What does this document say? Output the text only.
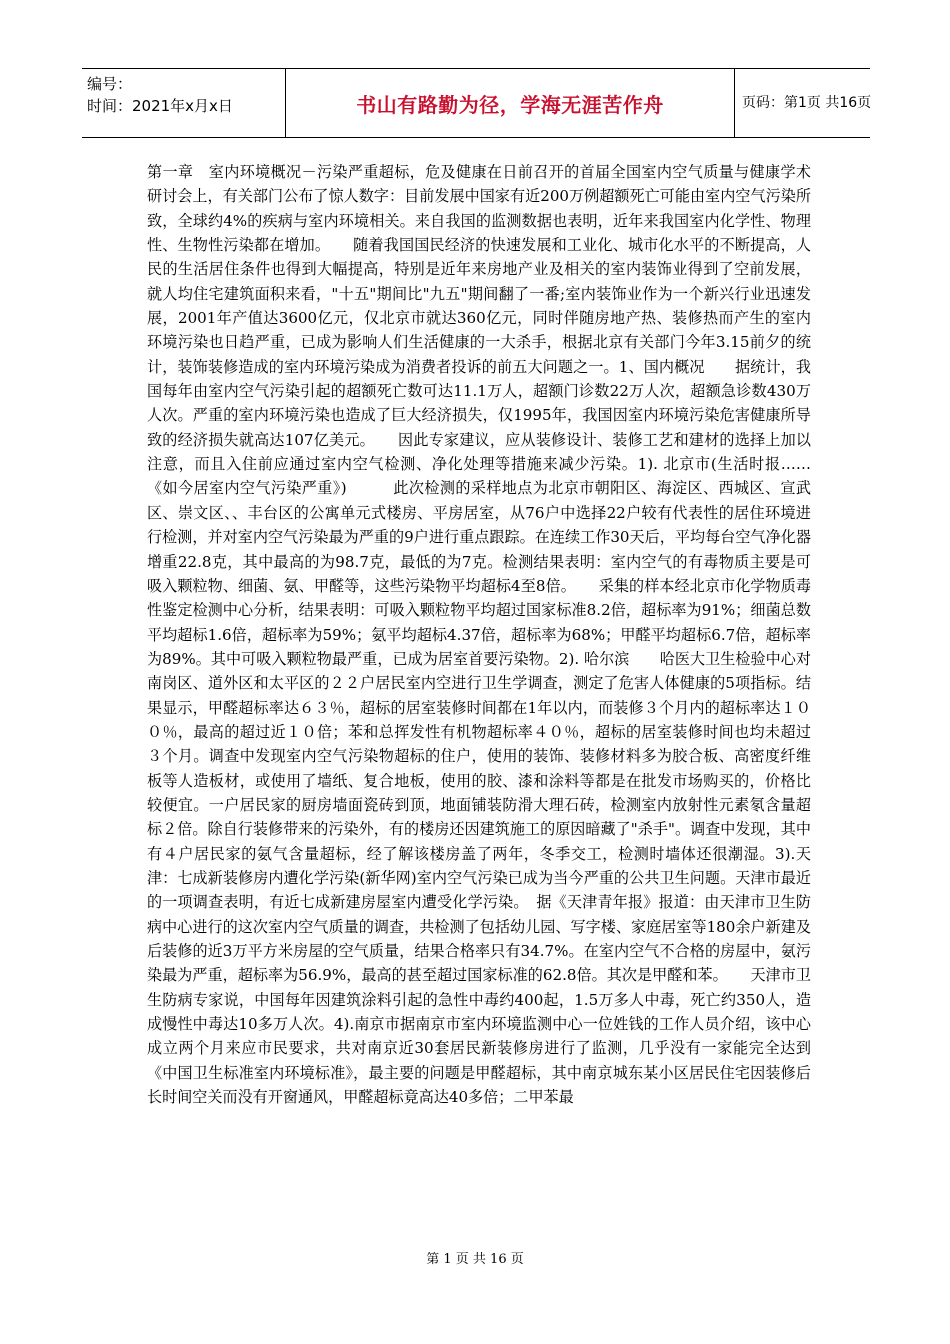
编号：
时间：2021年x月x日	书山有路勤为径，学海无涯苦作舟	页码：第1页 共16页
第一章　室内环境概况－污染严重超标，危及健康在日前召开的首届全国室内空气质量与健康学术研讨会上，有关部门公布了惊人数字：目前发展中国家有近200万例超额死亡可能由室内空气污染所致，全球约4%的疾病与室内环境相关。来自我国的监测数据也表明，近年来我国室内化学性、物理性、生物性污染都在增加。　　随着我国国民经济的快速发展和工业化、城市化水平的不断提高，人民的生活居住条件也得到大幅提高，特别是近年来房地产业及相关的室内装饰业得到了空前发展，就人均住宅建筑面积来看，"十五"期间比"九五"期间翻了一番;室内装饰业作为一个新兴行业迅速发展，2001年产值达3600亿元，仅北京市就达360亿元，同时伴随房地产热、装修热而产生的室内环境污染也日趋严重，已成为影响人们生活健康的一大杀手，根据北京有关部门今年3.15前夕的统计，装饰装修造成的室内环境污染成为消费者投诉的前五大问题之一。1、国内概况　　据统计，我国每年由室内空气污染引起的超额死亡数可达11.1万人，超额门诊数22万人次，超额急诊数430万人次。严重的室内环境污染也造成了巨大经济损失，仅1995年，我国因室内环境污染危害健康所导致的经济损失就高达107亿美元。　　因此专家建议，应从装修设计、装修工艺和建材的选择上加以注意，而且入住前应通过室内空气检测、净化处理等措施来减少污染。1). 北京市(生活时报……《如今居室内空气污染严重》)　　　此次检测的采样地点为北京市朝阳区、海淀区、西城区、宣武区、崇文区、、丰台区的公寓单元式楼房、平房居室，从76户中选择22户较有代表性的居住环境进行检测，并对室内空气污染最为严重的9户进行重点跟踪。在连续工作30天后，平均每台空气净化器增重22.8克，其中最高的为98.7克，最低的为7克。检测结果表明：室内空气的有毒物质主要是可吸入颗粒物、细菌、氨、甲醛等，这些污染物平均超标4至8倍。　　采集的样本经北京市化学物质毒性鉴定检测中心分析，结果表明：可吸入颗粒物平均超过国家标准8.2倍，超标率为91%；细菌总数平均超标1.6倍，超标率为59%；氨平均超标4.37倍，超标率为68%；甲醛平均超标6.7倍，超标率为89%。其中可吸入颗粒物最严重，已成为居室首要污染物。2). 哈尔滨　　哈医大卫生检验中心对南岗区、道外区和太平区的２２户居民室内空进行卫生学调查，测定了危害人体健康的5项指标。结果显示，甲醛超标率达６３％，超标的居室装修时间都在1年以内，而装修３个月内的超标率达１００％，最高的超过近１０倍；苯和总挥发性有机物超标率４０％，超标的居室装修时间也均未超过３个月。调查中发现室内空气污染物超标的住户，使用的装饰、装修材料多为胶合板、高密度纤维板等人造板材，或使用了墙纸、复合地板，使用的胶、漆和涂料等都是在批发市场购买的，价格比较便宜。一户居民家的厨房墙面瓷砖到顶，地面铺装防滑大理石砖，检测室内放射性元素氡含量超标２倍。除自行装修带来的污染外，有的楼房还因建筑施工的原因暗藏了"杀手"。调查中发现，其中有４户居民家的氨气含量超标，经了解该楼房盖了两年，冬季交工，检测时墙体还很潮湿。3).天津：七成新装修房内遭化学污染(新华网)室内空气污染已成为当今严重的公共卫生问题。天津市最近的一项调查表明，有近七成新建房屋室内遭受化学污染。　据《天津青年报》报道：由天津市卫生防病中心进行的这次室内空气质量的调查，共检测了包括幼儿园、写字楼、家庭居室等180余户新建及后装修的近3万平方米房屋的空气质量，结果合格率只有34.7%。在室内空气不合格的房屋中，氨污染最为严重，超标率为56.9%，最高的甚至超过国家标准的62.8倍。其次是甲醛和苯。　　天津市卫生防病专家说，中国每年因建筑涂料引起的急性中毒约400起，1.5万多人中毒，死亡约350人，造成慢性中毒达10多万人次。4).南京市据南京市室内环境监测中心一位姓钱的工作人员介绍，该中心成立两个月来应市民要求，共对南京近30套居民新装修房进行了监测，几乎没有一家能完全达到《中国卫生标准室内环境标准》，最主要的问题是甲醛超标，其中南京城东某小区居民住宅因装修后长时间空关而没有开窗通风，甲醛超标竟高达40多倍；二甲苯最
第 1 页 共 16 页
